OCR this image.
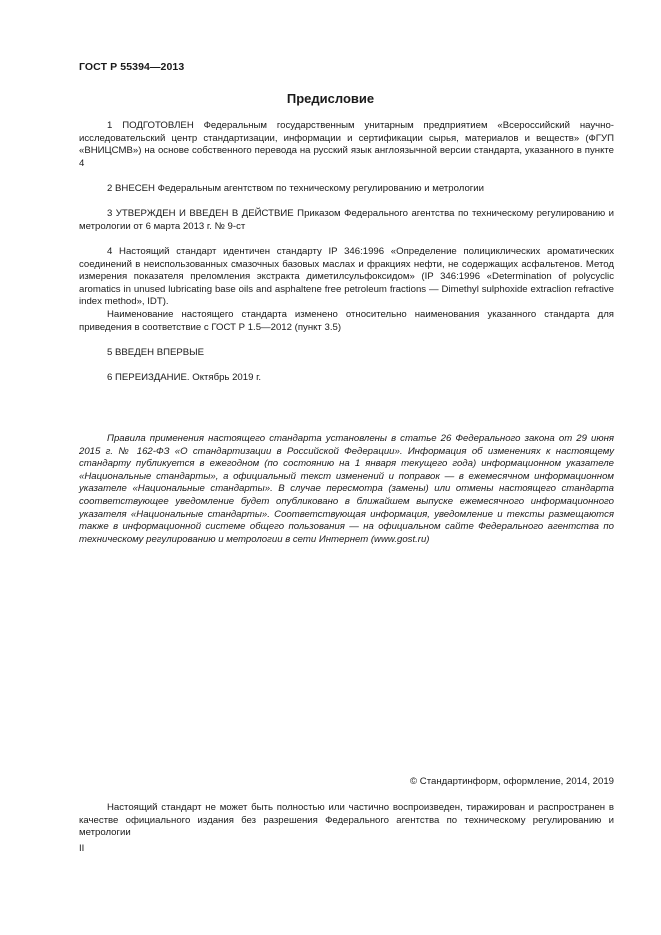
ГОСТ Р 55394—2013
Предисловие

1 ПОДГОТОВЛЕН Федеральным государственным унитарным предприятием «Всероссийский научно-исследовательский центр стандартизации, информации и сертификации сырья, материалов и веществ» (ФГУП «ВНИЦСМВ») на основе собственного перевода на русский язык англоязычной версии стандарта, указанного в пункте 4

2 ВНЕСЕН Федеральным агентством по техническому регулированию и метрологии

3 УТВЕРЖДЕН И ВВЕДЕН В ДЕЙСТВИЕ Приказом Федерального агентства по техническому регулированию и метрологии от 6 марта 2013 г. № 9-ст

4 Настоящий стандарт идентичен стандарту IP 346:1996 «Определение полициклических ароматических соединений в неиспользованных смазочных базовых маслах и фракциях нефти, не содержащих асфальтенов. Метод измерения показателя преломления экстракта диметилсульфоксидом» (IP 346:1996 «Determination of polycyclic aromatics in unused lubricating base oils and asphaltene free petroleum fractions — Dimethyl sulphoxide extraclion refractive index method», IDT).

Наименование настоящего стандарта изменено относительно наименования указанного стандарта для приведения в соответствие с ГОСТ Р 1.5—2012 (пункт 3.5)

5 ВВЕДЕН ВПЕРВЫЕ

6 ПЕРЕИЗДАНИЕ. Октябрь 2019 г.

Правила применения настоящего стандарта установлены в статье 26 Федерального закона от 29 июня 2015 г. № 162-ФЗ «О стандартизации в Российской Федерации». Информация об изменениях к настоящему стандарту публикуется в ежегодном (по состоянию на 1 января текущего года) информационном указателе «Национальные стандарты», а официальный текст изменений и поправок — в ежемесячном информационном указателе «Национальные стандарты». В случае пересмотра (замены) или отмены настоящего стандарта соответствующее уведомление будет опубликовано в ближайшем выпуске ежемесячного информационного указателя «Национальные стандарты». Соответствующая информация, уведомление и тексты размещаются также в информационной системе общего пользования — на официальном сайте Федерального агентства по техническому регулированию и метрологии в сети Интернет (www.gost.ru)

© Стандартинформ, оформление, 2014, 2019

Настоящий стандарт не может быть полностью или частично воспроизведен, тиражирован и распространен в качестве официального издания без разрешения Федерального агентства по техническому регулированию и метрологии

II
